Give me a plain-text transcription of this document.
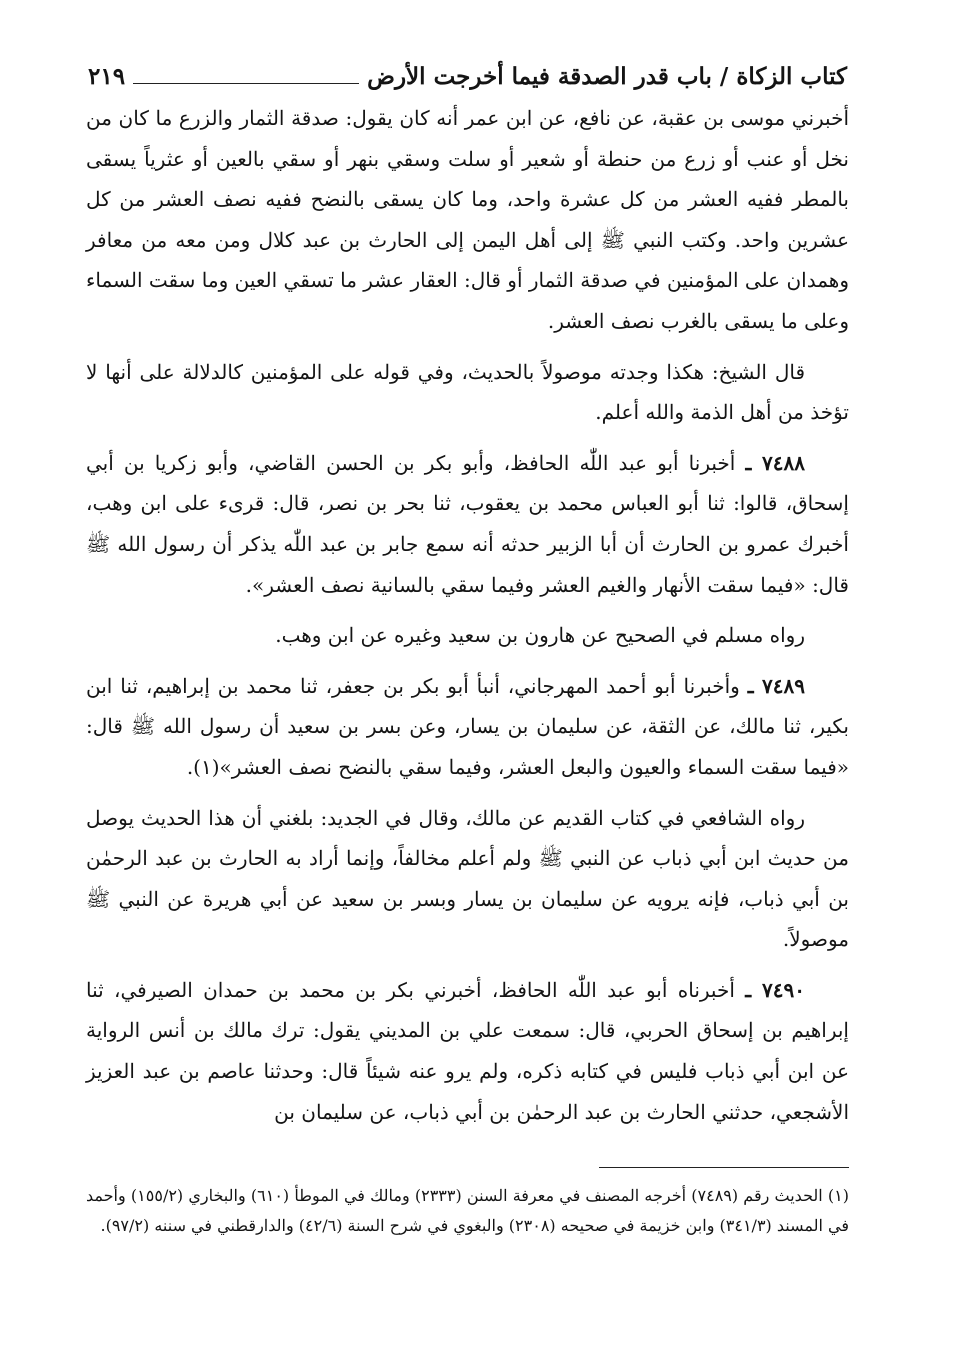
كتاب الزكاة / باب قدر الصدقة فيما أخرجت الأرض
٢١٩

أخبرني موسى بن عقبة، عن نافع، عن ابن عمر أنه كان يقول: صدقة الثمار والزرع ما كان من نخل أو عنب أو زرع من حنطة أو شعير أو سلت وسقي بنهر أو سقي بالعين أو عثرياً يسقى بالمطر ففيه العشر من كل عشرة واحد، وما كان يسقى بالنضح ففيه نصف العشر من كل عشرين واحد. وكتب النبي ﷺ إلى أهل اليمن إلى الحارث بن عبد كلال ومن معه من معافر وهمدان على المؤمنين في صدقة الثمار أو قال: العقار عشر ما تسقي العين وما سقت السماء وعلى ما يسقى بالغرب نصف العشر.

قال الشيخ: هكذا وجدته موصولاً بالحديث، وفي قوله على المؤمنين كالدلالة على أنها لا تؤخذ من أهل الذمة والله أعلم.

٧٤٨٨ ـ أخبرنا أبو عبد اللّٰه الحافظ، وأبو بكر بن الحسن القاضي، وأبو زكريا بن أبي إسحاق، قالوا: ثنا أبو العباس محمد بن يعقوب، ثنا بحر بن نصر، قال: قرىء على ابن وهب، أخبرك عمرو بن الحارث أن أبا الزبير حدثه أنه سمع جابر بن عبد اللّٰه يذكر أن رسول الله ﷺ قال: «فيما سقت الأنهار والغيم العشر وفيما سقي بالسانية نصف العشر».

رواه مسلم في الصحيح عن هارون بن سعيد وغيره عن ابن وهب.

٧٤٨٩ ـ وأخبرنا أبو أحمد المهرجاني، أنبأ أبو بكر بن جعفر، ثنا محمد بن إبراهيم، ثنا ابن بكير، ثنا مالك، عن الثقة، عن سليمان بن يسار، وعن بسر بن سعيد أن رسول الله ﷺ قال: «فيما سقت السماء والعيون والبعل العشر، وفيما سقي بالنضح نصف العشر»(١).

رواه الشافعي في كتاب القديم عن مالك، وقال في الجديد: بلغني أن هذا الحديث يوصل من حديث ابن أبي ذباب عن النبي ﷺ ولم أعلم مخالفاً، وإنما أراد به الحارث بن عبد الرحمٰن بن أبي ذباب، فإنه يرويه عن سليمان بن يسار وبسر بن سعيد عن أبي هريرة عن النبي ﷺ موصولاً.

٧٤٩٠ ـ أخبرناه أبو عبد اللّٰه الحافظ، أخبرني بكر بن محمد بن حمدان الصيرفي، ثنا إبراهيم بن إسحاق الحربي، قال: سمعت علي بن المديني يقول: ترك مالك بن أنس الرواية عن ابن أبي ذباب فليس في كتابه ذكره، ولم يرو عنه شيئاً قال: وحدثنا عاصم بن عبد العزيز الأشجعي، حدثني الحارث بن عبد الرحمٰن بن أبي ذباب، عن سليمان بن

(١) الحديث رقم (٧٤٨٩) أخرجه المصنف في معرفة السنن (٢٣٣٣) ومالك في الموطأ (٦١٠) والبخاري (١٥٥/٢) وأحمد في المسند (٣٤١/٣) وابن خزيمة في صحيحه (٢٣٠٨) والبغوي في شرح السنة (٤٢/٦) والدارقطني في سننه (٩٧/٢).
